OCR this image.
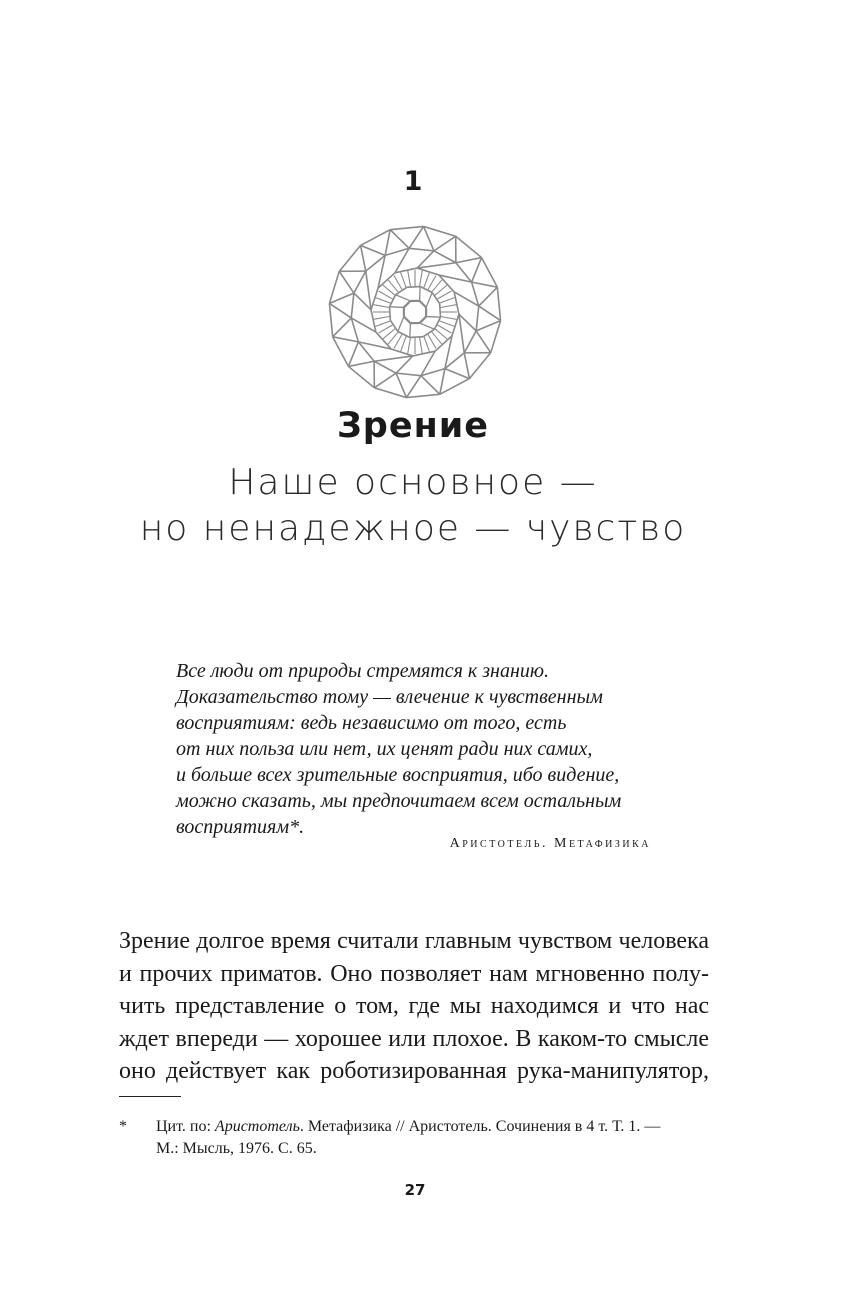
1
Зрение
Наше основное —
но ненадежное — чувство
Все люди от природы стремятся к знанию.
Доказательство тому — влечение к чувственным
восприятиям: ведь независимо от того, есть
от них польза или нет, их ценят ради них самих,
и больше всех зрительные восприятия, ибо видение,
можно сказать, мы предпочитаем всем остальным
восприятиям*.
Аристотель. Метафизика
Зрение долгое время считали главным чувством человека
и прочих приматов. Оно позволяет нам мгновенно полу-
чить представление о том, где мы находимся и что нас
ждет впереди — хорошее или плохое. В каком-то смысле
оно действует как роботизированная рука-манипулятор,
* Цит. по: Аристотель. Метафизика // Аристотель. Сочинения в 4 т. Т. 1. —
М.: Мысль, 1976. С. 65.
27
